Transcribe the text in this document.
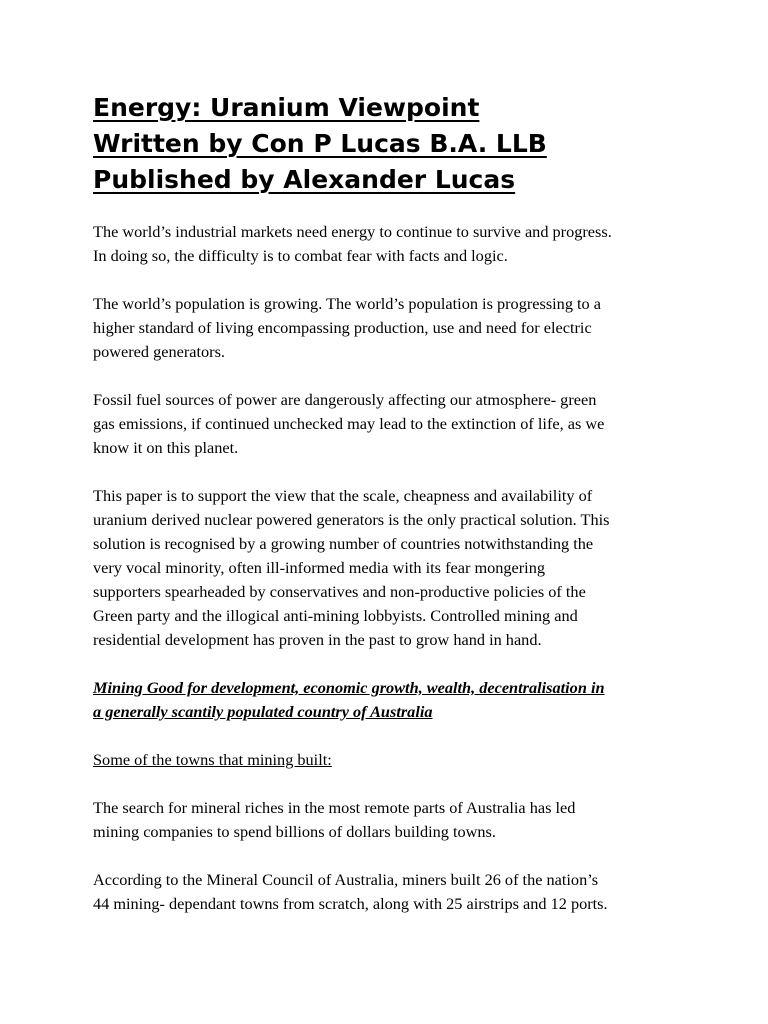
Energy: Uranium Viewpoint
Written by Con P Lucas B.A. LLB
Published by Alexander Lucas

The world’s industrial markets need energy to continue to survive and progress.
In doing so, the difficulty is to combat fear with facts and logic.

The world’s population is growing. The world’s population is progressing to a
higher standard of living encompassing production, use and need for electric
powered generators.

Fossil fuel sources of power are dangerously affecting our atmosphere- green
gas emissions, if continued unchecked may lead to the extinction of life, as we
know it on this planet.

This paper is to support the view that the scale, cheapness and availability of
uranium derived nuclear powered generators is the only practical solution. This
solution is recognised by a growing number of countries notwithstanding the
very vocal minority, often ill-informed media with its fear mongering
supporters spearheaded by conservatives and non-productive policies of the
Green party and the illogical anti-mining lobbyists. Controlled mining and
residential development has proven in the past to grow hand in hand.

Mining Good for development, economic growth, wealth, decentralisation in
a generally scantily populated country of Australia

Some of the towns that mining built:

The search for mineral riches in the most remote parts of Australia has led
mining companies to spend billions of dollars building towns.

According to the Mineral Council of Australia, miners built 26 of the nation’s
44 mining- dependant towns from scratch, along with 25 airstrips and 12 ports.
